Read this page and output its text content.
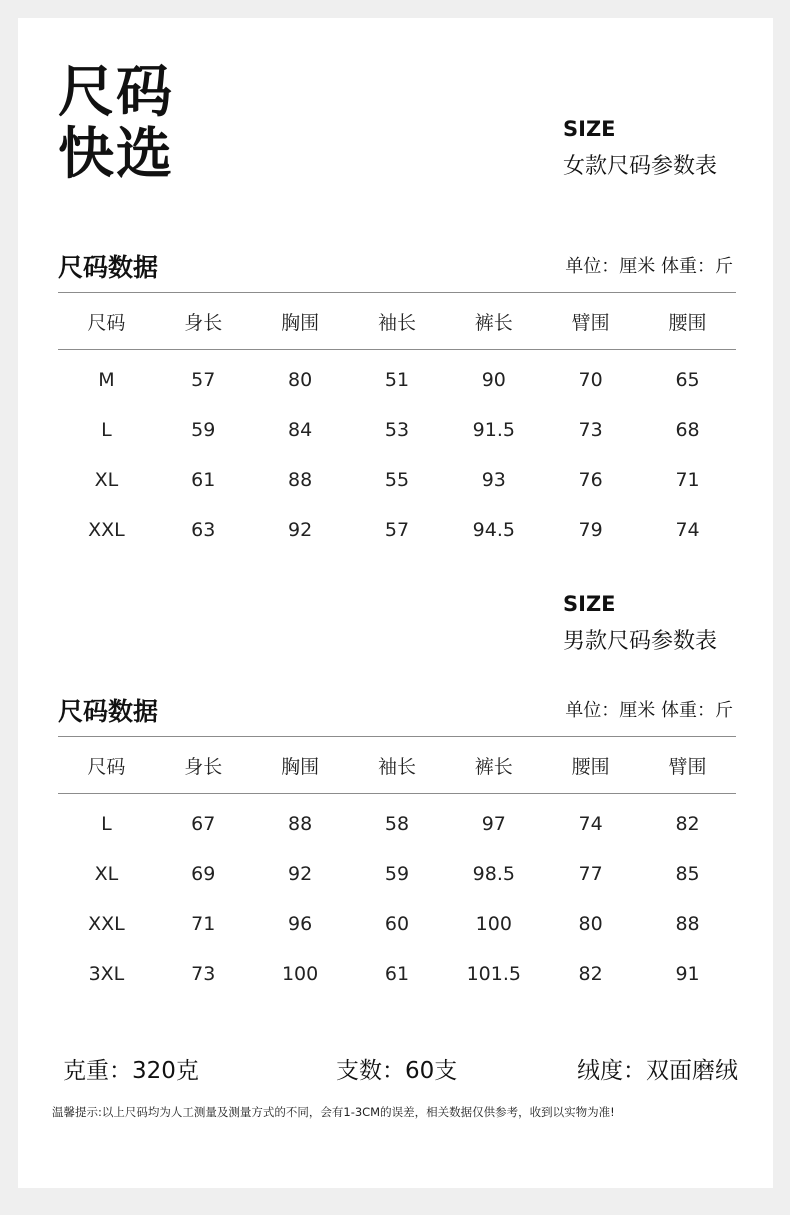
尺码
快选	SIZE
女款尺码参数表
尺码数据	单位：厘米 体重：斤
尺码	身长	胸围	袖长	裤长	臂围	腰围
M	57	80	51	90	70	65
L	59	84	53	91.5	73	68
XL	61	88	55	93	76	71
XXL	63	92	57	94.5	79	74
SIZE
男款尺码参数表
尺码数据	单位：厘米 体重：斤
尺码	身长	胸围	袖长	裤长	腰围	臂围
L	67	88	58	97	74	82
XL	69	92	59	98.5	77	85
XXL	71	96	60	100	80	88
3XL	73	100	61	101.5	82	91
克重：320克	支数：60支	绒度：双面磨绒
温馨提示:以上尺码均为人工测量及测量方式的不同，会有1-3CM的误差，相关数据仅供参考，收到以实物为准!
